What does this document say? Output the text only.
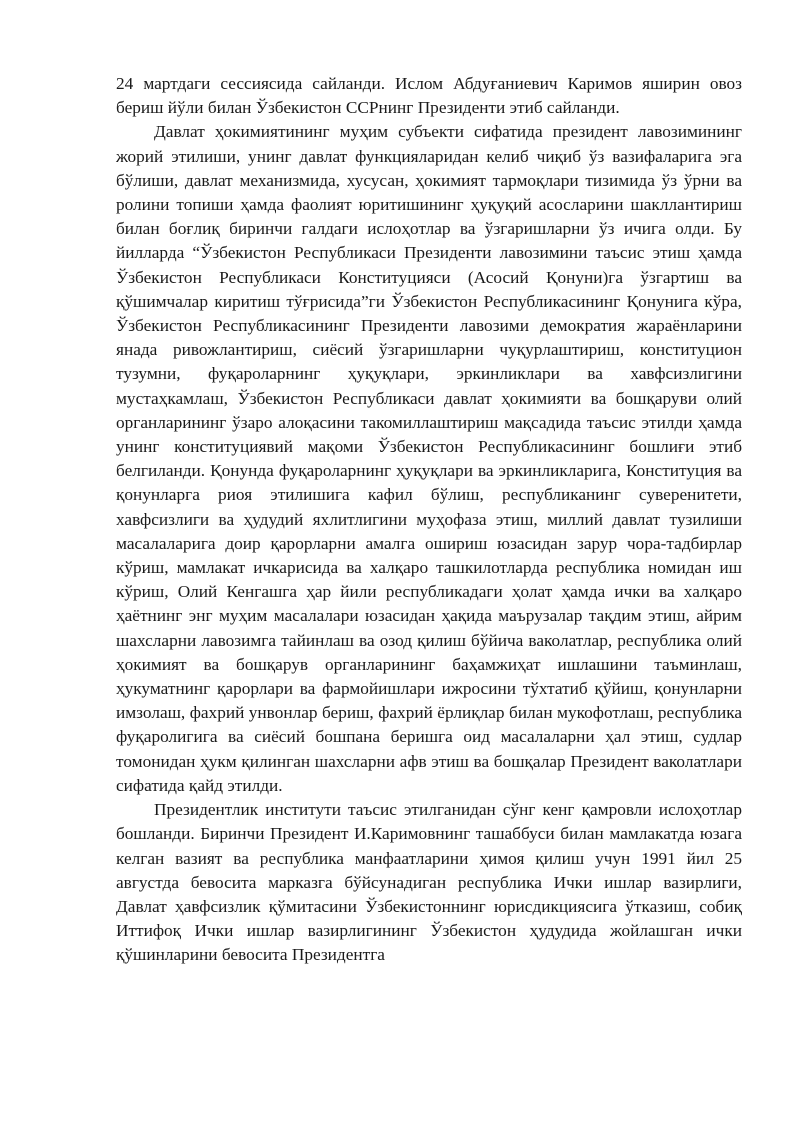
24 мартдаги сессиясида сайланди. Ислом Абдуғаниевич Каримов яширин овоз бериш йўли билан Ўзбекистон ССРнинг Президенти этиб сайланди.

Давлат ҳокимиятининг муҳим субъекти сифатида президент лавозимининг жорий этилиши, унинг давлат функцияларидан келиб чиқиб ўз вазифаларига эга бўлиши, давлат механизмида, хусусан, ҳокимият тармоқлари тизимида ўз ўрни ва ролини топиши ҳамда фаолият юритишининг ҳуқуқий асосларини шакллантириш билан боғлиқ биринчи галдаги ислоҳотлар ва ўзгаришларни ўз ичига олди. Бу йилларда “Ўзбекистон Республикаси Президенти лавозимини таъсис этиш ҳамда Ўзбекистон Республикаси Конституцияси (Асосий Қонуни)га ўзгартиш ва қўшимчалар киритиш тўғрисида”ги Ўзбекистон Республикасининг Қонунига кўра, Ўзбекистон Республикасининг Президенти лавозими демократия жараёнларини янада ривожлантириш, сиёсий ўзгаришларни чуқурлаштириш, конституцион тузумни, фуқароларнинг ҳуқуқлари, эркинликлари ва хавфсизлигини мустаҳкамлаш, Ўзбекистон Республикаси давлат ҳокимияти ва бошқаруви олий органларининг ўзаро алоқасини такомиллаштириш мақсадида таъсис этилди ҳамда унинг конституциявий мақоми Ўзбекистон Республикасининг бошлиғи этиб белгиланди. Қонунда фуқароларнинг ҳуқуқлари ва эркинликларига, Конституция ва қонунларга риоя этилишига кафил бўлиш, республиканинг суверенитети, хавфсизлиги ва ҳудудий яхлитлигини муҳофаза этиш, миллий давлат тузилиши масалаларига доир қарорларни амалга ошириш юзасидан зарур чора-тадбирлар кўриш, мамлакат ичкарисида ва халқаро ташкилотларда республика номидан иш кўриш, Олий Кенгашга ҳар йили республикадаги ҳолат ҳамда ички ва халқаро ҳаётнинг энг муҳим масалалари юзасидан ҳақида маърузалар тақдим этиш, айрим шахсларни лавозимга тайинлаш ва озод қилиш бўйича ваколатлар, республика олий ҳокимият ва бошқарув органларининг баҳамжиҳат ишлашини таъминлаш, ҳукуматнинг қарорлари ва фармойишлари ижросини тўхтатиб қўйиш, қонунларни имзолаш, фахрий унвонлар бериш, фахрий ёрлиқлар билан мукофотлаш, республика фуқаролигига ва сиёсий бошпана беришга оид масалаларни ҳал этиш, судлар томонидан ҳукм қилинган шахсларни афв этиш ва бошқалар Президент ваколатлари сифатида қайд этилди.

Президентлик институти таъсис этилганидан сўнг кенг қамровли ислоҳотлар бошланди. Биринчи Президент И.Каримовнинг ташаббуси билан мамлакатда юзага келган вазият ва республика манфаатларини ҳимоя қилиш учун 1991 йил 25 августда бевосита марказга бўйсунадиган республика Ички ишлар вазирлиги, Давлат ҳавфсизлик қўмитасини Ўзбекистоннинг юрисдикциясига ўтказиш, собиқ Иттифоқ Ички ишлар вазирлигининг Ўзбекистон ҳудудида жойлашган ички қўшинларини бевосита Президентга
